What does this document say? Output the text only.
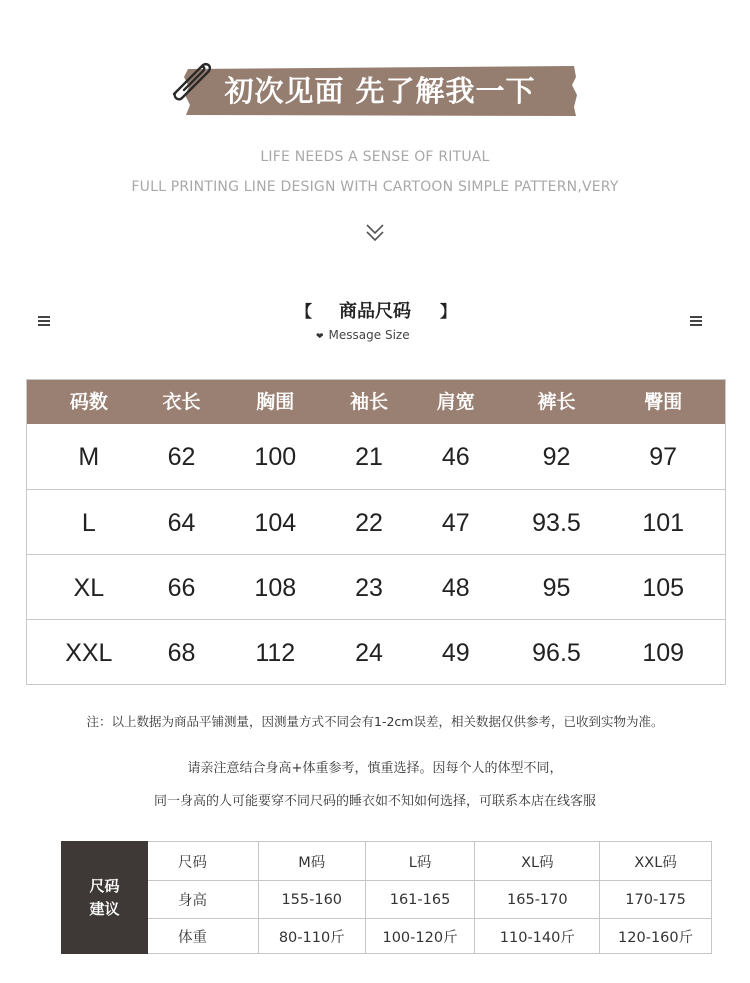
初次见面 先了解我一下
LIFE NEEDS A SENSE OF RITUAL
FULL PRINTING LINE DESIGN WITH CARTOON SIMPLE PATTERN,VERY
【	商品尺码	】
❤ Message Size
码数	衣长	胸围	袖长	肩宽	裤长	臀围
M	62	100	21	46	92	97
L	64	104	22	47	93.5	101
XL	66	108	23	48	95	105
XXL	68	112	24	49	96.5	109
注：以上数据为商品平铺测量，因测量方式不同会有1-2cm误差，相关数据仅供参考，已收到实物为准。
请亲注意结合身高+体重参考，慎重选择。因每个人的体型不同，
同一身高的人可能要穿不同尺码的睡衣如不知如何选择，可联系本店在线客服
尺码
建议
尺码	M码	L码	XL码	XXL码
身高	155-160	161-165	165-170	170-175
体重	80-110斤	100-120斤	110-140斤	120-160斤
